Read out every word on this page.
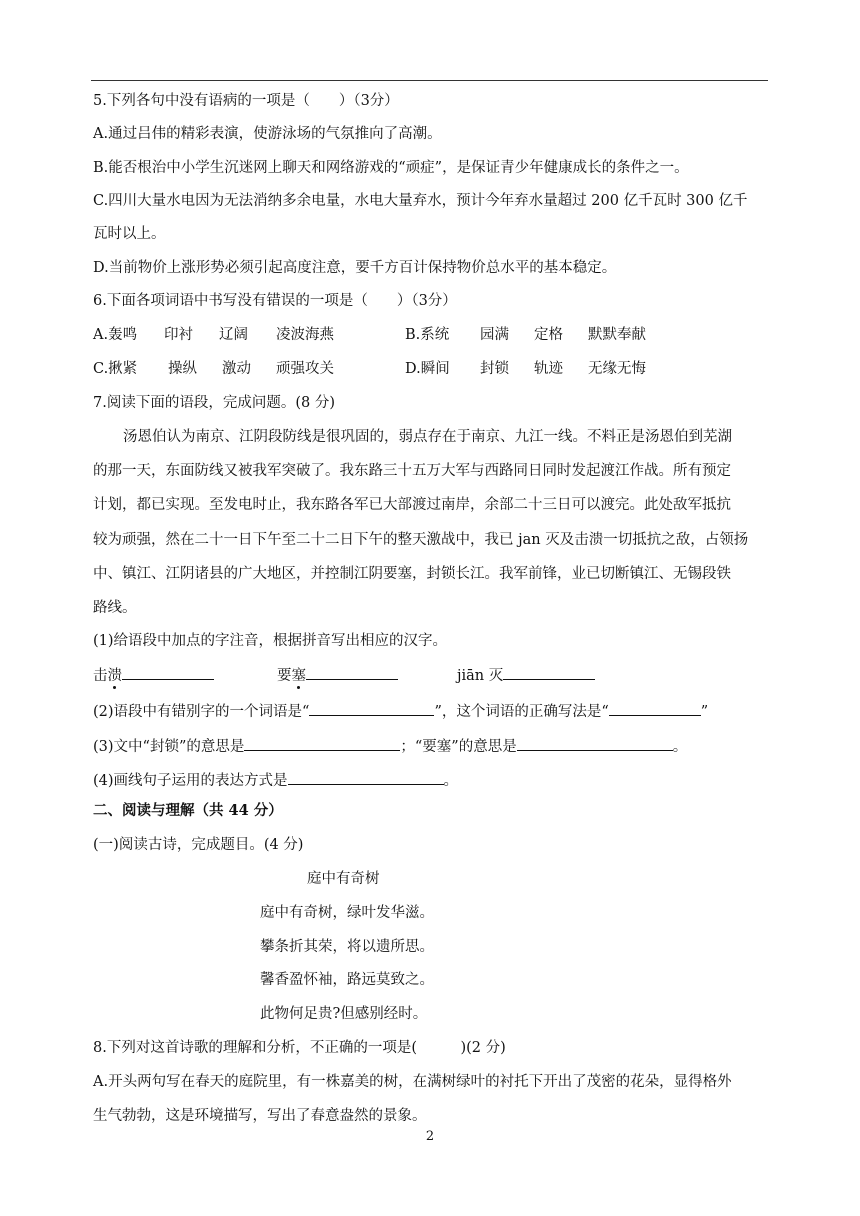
5.下列各句中没有语病的一项是（　　）（3分）
A.通过吕伟的精彩表演，使游泳场的气氛推向了高潮。
B.能否根治中小学生沉迷网上聊天和网络游戏的“顽症”，是保证青少年健康成长的条件之一。
C.四川大量水电因为无法消纳多余电量，水电大量弃水，预计今年弃水量超过 200 亿千瓦时 300 亿千
瓦时以上。
D.当前物价上涨形势必须引起高度注意，要千方百计保持物价总水平的基本稳定。
6.下面各项词语中书写没有错误的一项是（　　）（3分）
A.轰鸣 印衬 辽阔 凌波海燕	B.系统 园满 定格 默默奉献
C.揪紧 操纵 激动 顽强攻关	D.瞬间 封锁 轨迹 无缘无悔
7.阅读下面的语段，完成问题。(8 分)
汤恩伯认为南京、江阴段防线是很巩固的，弱点存在于南京、九江一线。不料正是汤恩伯到芜湖
的那一天，东面防线又被我军突破了。我东路三十五万大军与西路同日同时发起渡江作战。所有预定
计划，都已实现。至发电时止，我东路各军已大部渡过南岸，余部二十三日可以渡完。此处敌军抵抗
较为顽强，然在二十一日下午至二十二日下午的整天激战中，我已 jan 灭及击溃一切抵抗之敌，占领扬
中、镇江、江阴诸县的广大地区，并控制江阴要塞，封锁长江。我军前锋，业已切断镇江、无锡段铁
路线。
(1)给语段中加点的字注音，根据拼音写出相应的汉字。
击溃	要塞	jiān 灭
(2)语段中有错别字的一个词语是“	”，这个词语的正确写法是“	”
(3)文中“封锁”的意思是	；“要塞”的意思是	。
(4)画线句子运用的表达方式是	。
二、阅读与理解（共 44 分）
(一)阅读古诗，完成题目。(4 分)
庭中有奇树
庭中有奇树，绿叶发华滋。
攀条折其荣，将以遗所思。
馨香盈怀袖，路远莫致之。
此物何足贵?但感别经时。
8.下列对这首诗歌的理解和分析，不正确的一项是(　　　)(2 分)
A.开头两句写在春天的庭院里，有一株嘉美的树，在满树绿叶的衬托下开出了茂密的花朵，显得格外
生气勃勃，这是环境描写，写出了春意盎然的景象。
2
